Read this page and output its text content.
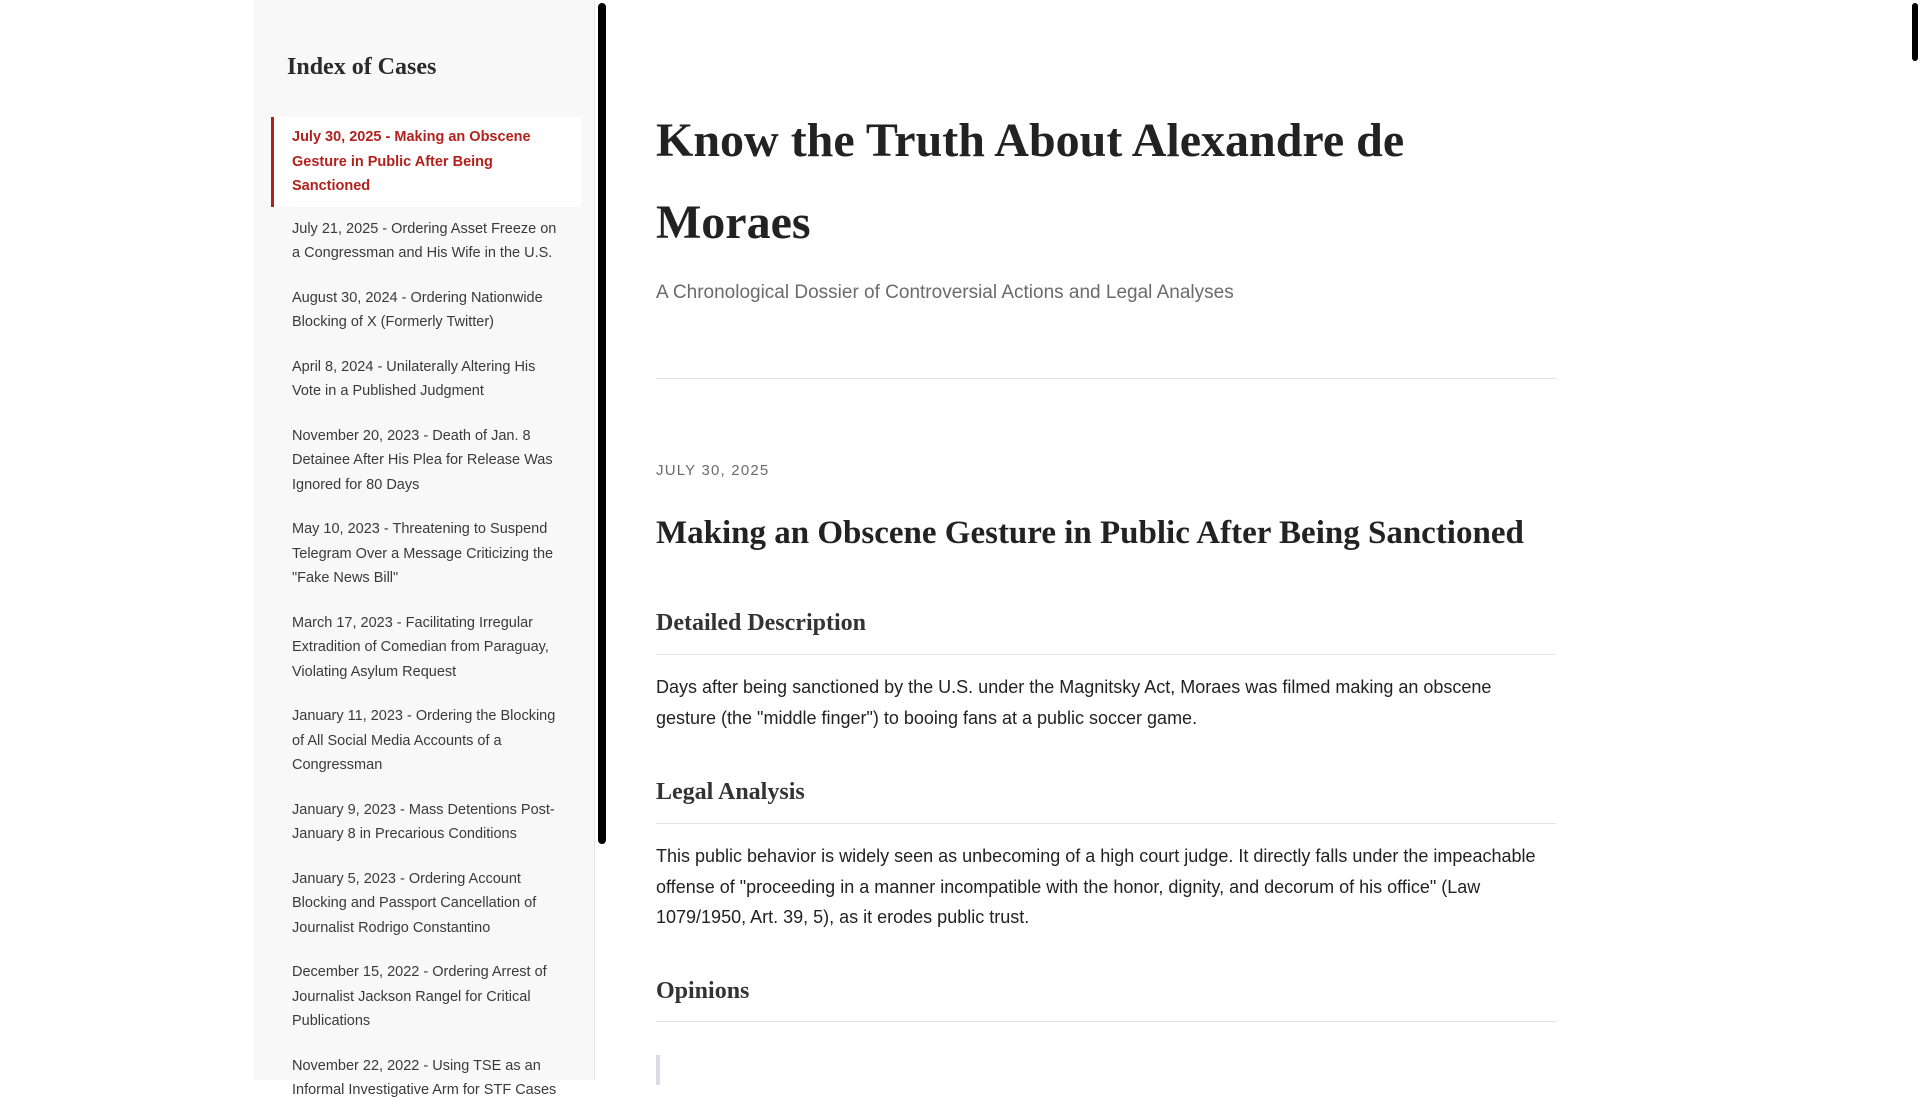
Index of Cases
July 30, 2025 - Making an Obscene Gesture in Public After Being Sanctioned
July 21, 2025 - Ordering Asset Freeze on a Congressman and His Wife in the U.S.
August 30, 2024 - Ordering Nationwide Blocking of X (Formerly Twitter)
April 8, 2024 - Unilaterally Altering His Vote in a Published Judgment
November 20, 2023 - Death of Jan. 8 Detainee After His Plea for Release Was Ignored for 80 Days
May 10, 2023 - Threatening to Suspend Telegram Over a Message Criticizing the "Fake News Bill"
March 17, 2023 - Facilitating Irregular Extradition of Comedian from Paraguay, Violating Asylum Request
January 11, 2023 - Ordering the Blocking of All Social Media Accounts of a Congressman
January 9, 2023 - Mass Detentions Post-January 8 in Precarious Conditions
January 5, 2023 - Ordering Account Blocking and Passport Cancellation of Journalist Rodrigo Constantino
December 15, 2022 - Ordering Arrest of Journalist Jackson Rangel for Critical Publications
November 22, 2022 - Using TSE as an Informal Investigative Arm for STF Cases
Know the Truth About Alexandre de Moraes

A Chronological Dossier of Controversial Actions and Legal Analyses

JULY 30, 2025

Making an Obscene Gesture in Public After Being Sanctioned
Detailed Description

Days after being sanctioned by the U.S. under the Magnitsky Act, Moraes was filmed making an obscene gesture (the "middle finger") to booing fans at a public soccer game.

Legal Analysis

This public behavior is widely seen as unbecoming of a high court judge. It directly falls under the impeachable offense of "proceeding in a manner incompatible with the honor, dignity, and decorum of his office" (Law 1079/1950, Art. 39, 5), as it erodes public trust.

Opinions
